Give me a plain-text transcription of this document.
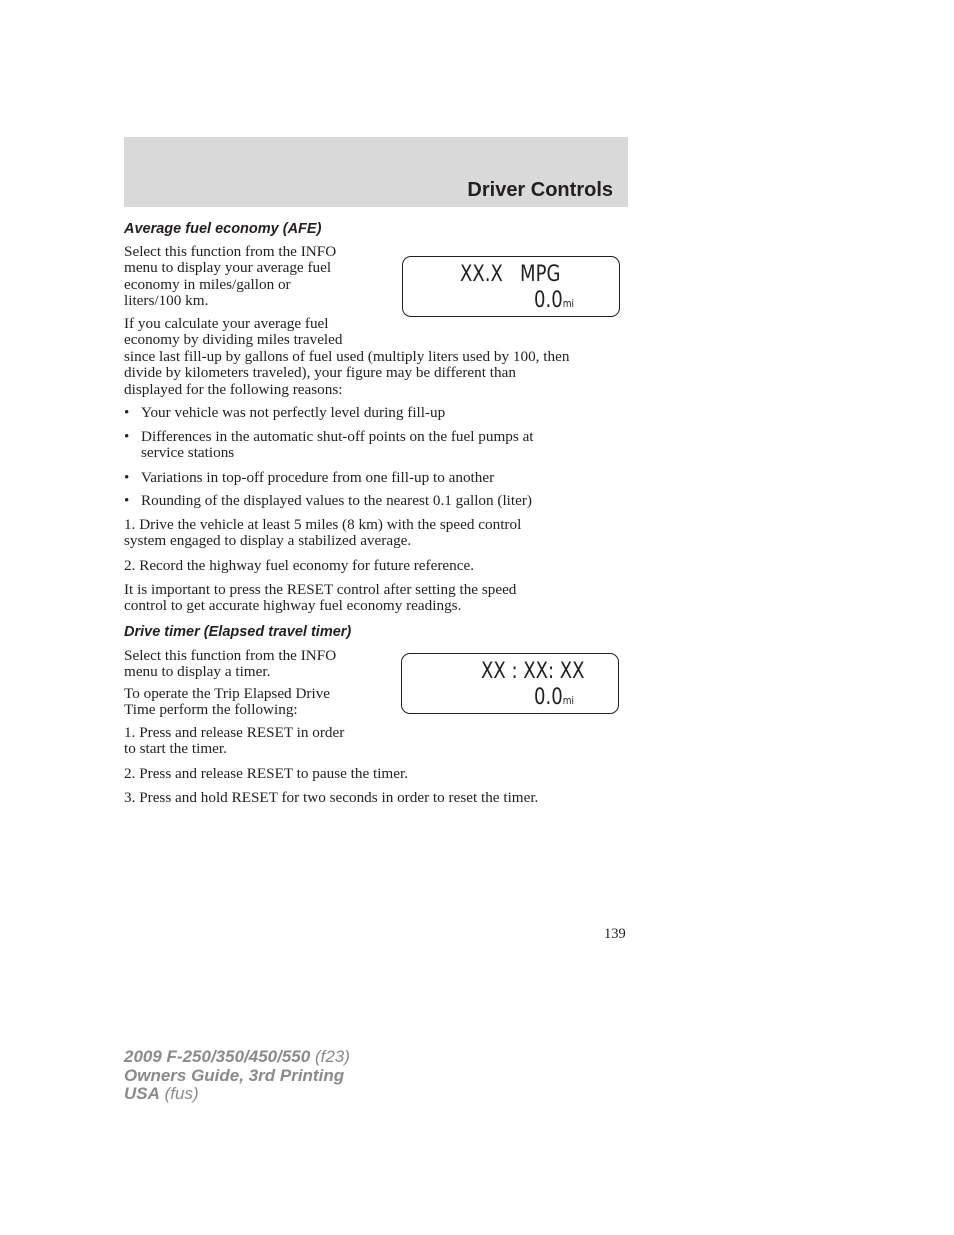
Driver Controls
Average fuel economy (AFE)

Select this function from the INFO
menu to display your average fuel
economy in miles/gallon or
liters/100 km.

XX.X   MPG
0.0mi

If you calculate your average fuel
economy by dividing miles traveled
since last fill-up by gallons of fuel used (multiply liters used by 100, then
divide by kilometers traveled), your figure may be different than
displayed for the following reasons:

• Your vehicle was not perfectly level during fill-up
• Differences in the automatic shut-off points on the fuel pumps at
service stations
• Variations in top-off procedure from one fill-up to another
• Rounding of the displayed values to the nearest 0.1 gallon (liter)

1. Drive the vehicle at least 5 miles (8 km) with the speed control
system engaged to display a stabilized average.

2. Record the highway fuel economy for future reference.

It is important to press the RESET control after setting the speed
control to get accurate highway fuel economy readings.

Drive timer (Elapsed travel timer)

Select this function from the INFO
menu to display a timer.	XX : XX: XX
0.0mi

To operate the Trip Elapsed Drive
Time perform the following:

1. Press and release RESET in order
to start the timer.

2. Press and release RESET to pause the timer.

3. Press and hold RESET for two seconds in order to reset the timer.

139
2009 F-250/350/450/550 (f23)
Owners Guide, 3rd Printing
USA (fus)
